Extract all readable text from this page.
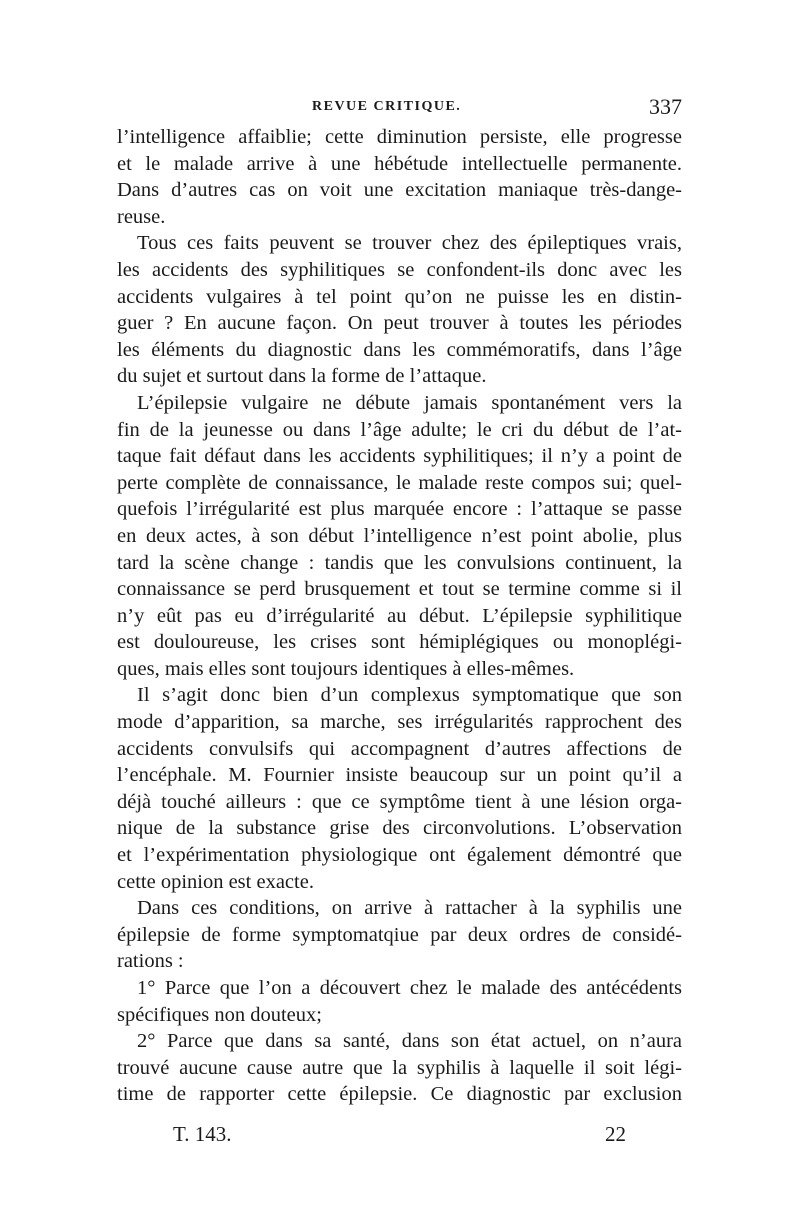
REVUE CRITIQUE.	337
l’intelligence affaiblie; cette diminution persiste, elle progresse
et le malade arrive à une hébétude intellectuelle permanente.
Dans d’autres cas on voit une excitation maniaque très-dange-
reuse.
Tous ces faits peuvent se trouver chez des épileptiques vrais,
les accidents des syphilitiques se confondent-ils donc avec les
accidents vulgaires à tel point qu’on ne puisse les en distin-
guer ? En aucune façon. On peut trouver à toutes les périodes
les éléments du diagnostic dans les commémoratifs, dans l’âge
du sujet et surtout dans la forme de l’attaque.
L’épilepsie vulgaire ne débute jamais spontanément vers la
fin de la jeunesse ou dans l’âge adulte; le cri du début de l’at-
taque fait défaut dans les accidents syphilitiques; il n’y a point de
perte complète de connaissance, le malade reste compos sui; quel-
quefois l’irrégularité est plus marquée encore : l’attaque se passe
en deux actes, à son début l’intelligence n’est point abolie, plus
tard la scène change : tandis que les convulsions continuent, la
connaissance se perd brusquement et tout se termine comme si il
n’y eût pas eu d’irrégularité au début. L’épilepsie syphilitique
est douloureuse, les crises sont hémiplégiques ou monoplégi-
ques, mais elles sont toujours identiques à elles-mêmes.
Il s’agit donc bien d’un complexus symptomatique que son
mode d’apparition, sa marche, ses irrégularités rapprochent des
accidents convulsifs qui accompagnent d’autres affections de
l’encéphale. M. Fournier insiste beaucoup sur un point qu’il a
déjà touché ailleurs : que ce symptôme tient à une lésion orga-
nique de la substance grise des circonvolutions. L’observation
et l’expérimentation physiologique ont également démontré que
cette opinion est exacte.
Dans ces conditions, on arrive à rattacher à la syphilis une
épilepsie de forme symptomatqiue par deux ordres de considé-
rations :
1° Parce que l’on a découvert chez le malade des antécédents
spécifiques non douteux;
2° Parce que dans sa santé, dans son état actuel, on n’aura
trouvé aucune cause autre que la syphilis à laquelle il soit légi-
time de rapporter cette épilepsie. Ce diagnostic par exclusion
T. 143.	22
